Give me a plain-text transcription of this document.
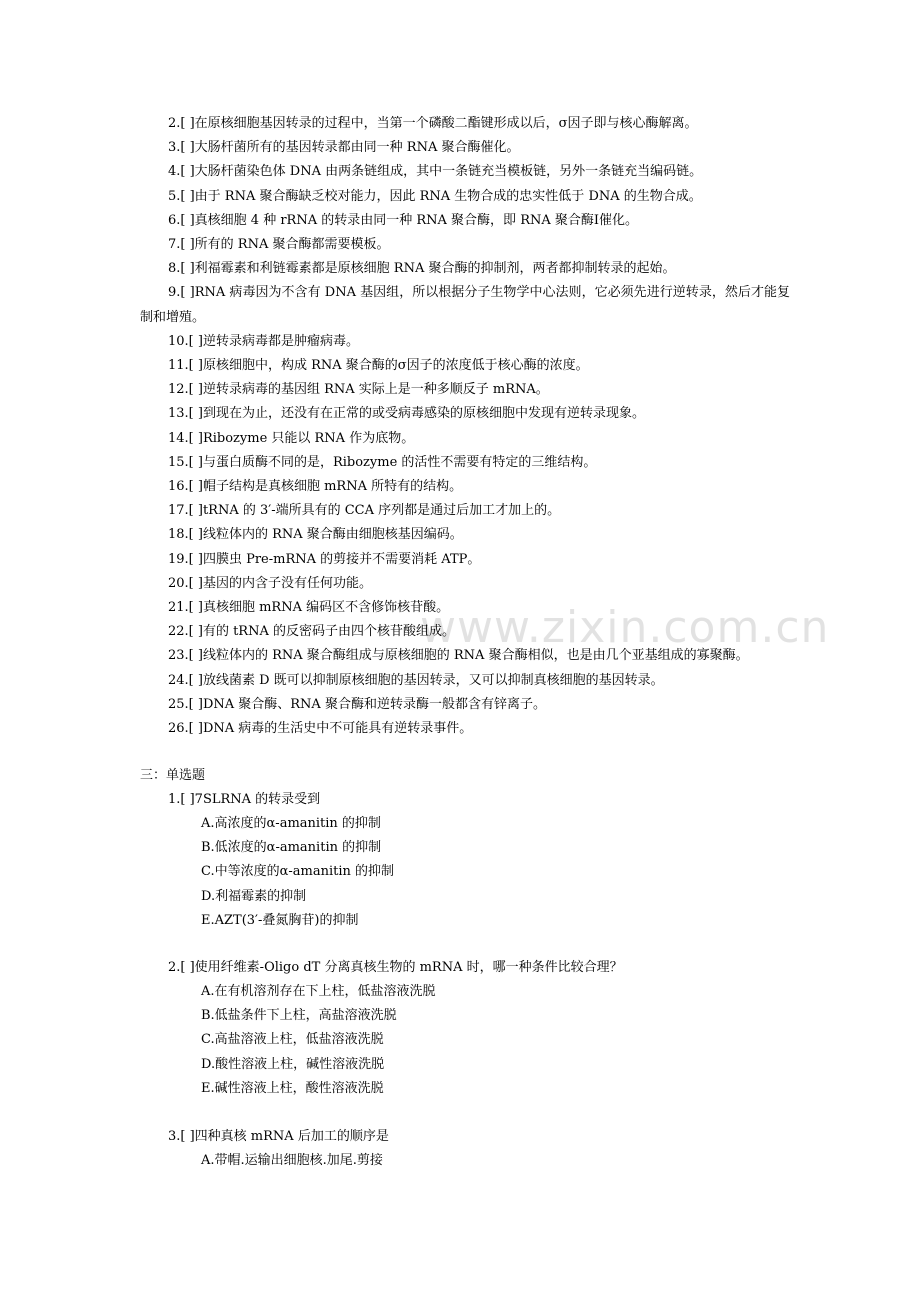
www.zixin.com.cn
2.[ ]在原核细胞基因转录的过程中，当第一个磷酸二酯键形成以后，σ因子即与核心酶解离。
3.[ ]大肠杆菌所有的基因转录都由同一种 RNA 聚合酶催化。
4.[ ]大肠杆菌染色体 DNA 由两条链组成，其中一条链充当模板链，另外一条链充当编码链。
5.[ ]由于 RNA 聚合酶缺乏校对能力，因此 RNA 生物合成的忠实性低于 DNA 的生物合成。
6.[ ]真核细胞 4 种 rRNA 的转录由同一种 RNA 聚合酶，即 RNA 聚合酶Ⅰ催化。
7.[ ]所有的 RNA 聚合酶都需要模板。
8.[ ]利福霉素和利链霉素都是原核细胞 RNA 聚合酶的抑制剂，两者都抑制转录的起始。
9.[ ]RNA 病毒因为不含有 DNA 基因组，所以根据分子生物学中心法则，它必须先进行逆转录，然后才能复制和增殖。
10.[ ]逆转录病毒都是肿瘤病毒。
11.[ ]原核细胞中，构成 RNA 聚合酶的σ因子的浓度低于核心酶的浓度。
12.[ ]逆转录病毒的基因组 RNA 实际上是一种多顺反子 mRNA。
13.[ ]到现在为止，还没有在正常的或受病毒感染的原核细胞中发现有逆转录现象。
14.[ ]Ribozyme 只能以 RNA 作为底物。
15.[ ]与蛋白质酶不同的是，Ribozyme 的活性不需要有特定的三维结构。
16.[ ]帽子结构是真核细胞 mRNA 所特有的结构。
17.[ ]tRNA 的 3′-端所具有的 CCA 序列都是通过后加工才加上的。
18.[ ]线粒体内的 RNA 聚合酶由细胞核基因编码。
19.[ ]四膜虫 Pre-mRNA 的剪接并不需要消耗 ATP。
20.[ ]基因的内含子没有任何功能。
21.[ ]真核细胞 mRNA 编码区不含修饰核苷酸。
22.[ ]有的 tRNA 的反密码子由四个核苷酸组成。
23.[ ]线粒体内的 RNA 聚合酶组成与原核细胞的 RNA 聚合酶相似，也是由几个亚基组成的寡聚酶。
24.[ ]放线菌素 D 既可以抑制原核细胞的基因转录，又可以抑制真核细胞的基因转录。
25.[ ]DNA 聚合酶、RNA 聚合酶和逆转录酶一般都含有锌离子。
26.[ ]DNA 病毒的生活史中不可能具有逆转录事件。
三：单选题
1.[ ]7SLRNA 的转录受到
A.高浓度的α-amanitin 的抑制
B.低浓度的α-amanitin 的抑制
C.中等浓度的α-amanitin 的抑制
D.利福霉素的抑制
E.AZT(3′-叠氮胸苷)的抑制
2.[ ]使用纤维素-Oligo dT 分离真核生物的 mRNA 时，哪一种条件比较合理？
A.在有机溶剂存在下上柱，低盐溶液洗脱
B.低盐条件下上柱，高盐溶液洗脱
C.高盐溶液上柱，低盐溶液洗脱
D.酸性溶液上柱，碱性溶液洗脱
E.碱性溶液上柱，酸性溶液洗脱
3.[ ]四种真核 mRNA 后加工的顺序是
A.带帽.运输出细胞核.加尾.剪接
